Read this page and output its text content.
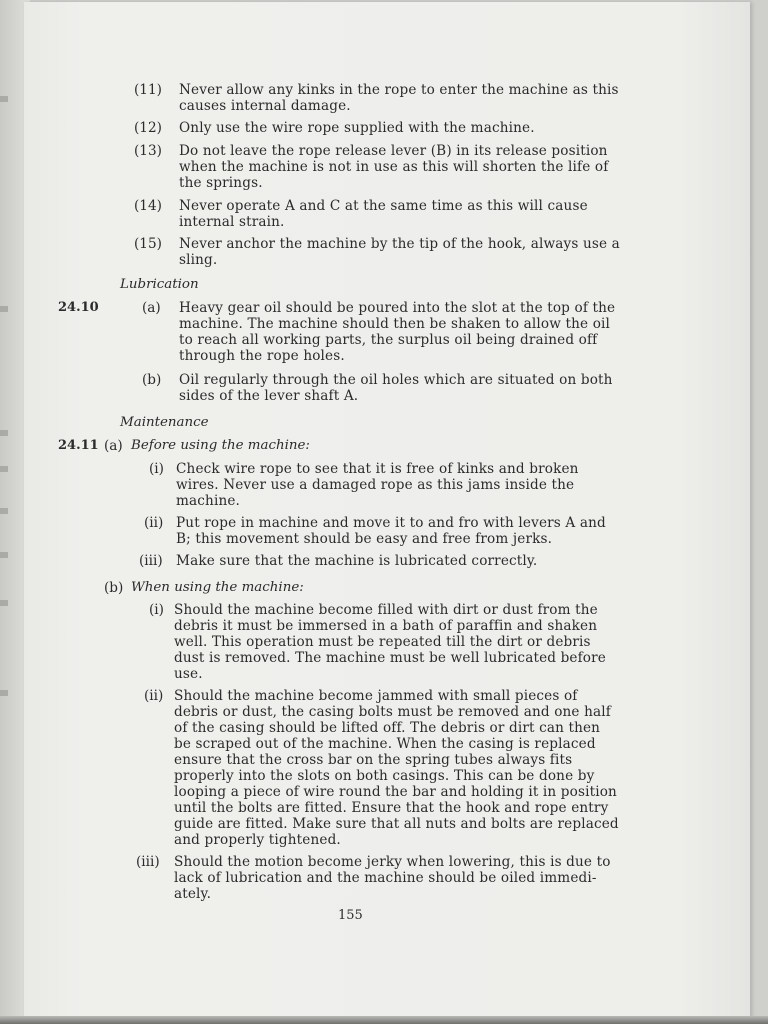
(11) Never allow any kinks in the rope to enter the machine as this
causes internal damage.
(12) Only use the wire rope supplied with the machine.
(13) Do not leave the rope release lever (B) in its release position
when the machine is not in use as this will shorten the life of
the springs.
(14) Never operate A and C at the same time as this will cause
internal strain.
(15) Never anchor the machine by the tip of the hook, always use a
sling.
Lubrication
24.10	(a) Heavy gear oil should be poured into the slot at the top of the
machine. The machine should then be shaken to allow the oil
to reach all working parts, the surplus oil being drained off
through the rope holes.
(b) Oil regularly through the oil holes which are situated on both
sides of the lever shaft A.
Maintenance
24.11 (a) Before using the machine:
(i) Check wire rope to see that it is free of kinks and broken
wires. Never use a damaged rope as this jams inside the
machine.
(ii) Put rope in machine and move it to and fro with levers A and
B; this movement should be easy and free from jerks.
(iii) Make sure that the machine is lubricated correctly.
(b) When using the machine:
(i) Should the machine become filled with dirt or dust from the
debris it must be immersed in a bath of paraffin and shaken
well. This operation must be repeated till the dirt or debris
dust is removed. The machine must be well lubricated before
use.
(ii) Should the machine become jammed with small pieces of
debris or dust, the casing bolts must be removed and one half
of the casing should be lifted off. The debris or dirt can then
be scraped out of the machine. When the casing is replaced
ensure that the cross bar on the spring tubes always fits
properly into the slots on both casings. This can be done by
looping a piece of wire round the bar and holding it in position
until the bolts are fitted. Ensure that the hook and rope entry
guide are fitted. Make sure that all nuts and bolts are replaced
and properly tightened.
(iii) Should the motion become jerky when lowering, this is due to
lack of lubrication and the machine should be oiled immedi-
ately.
155
